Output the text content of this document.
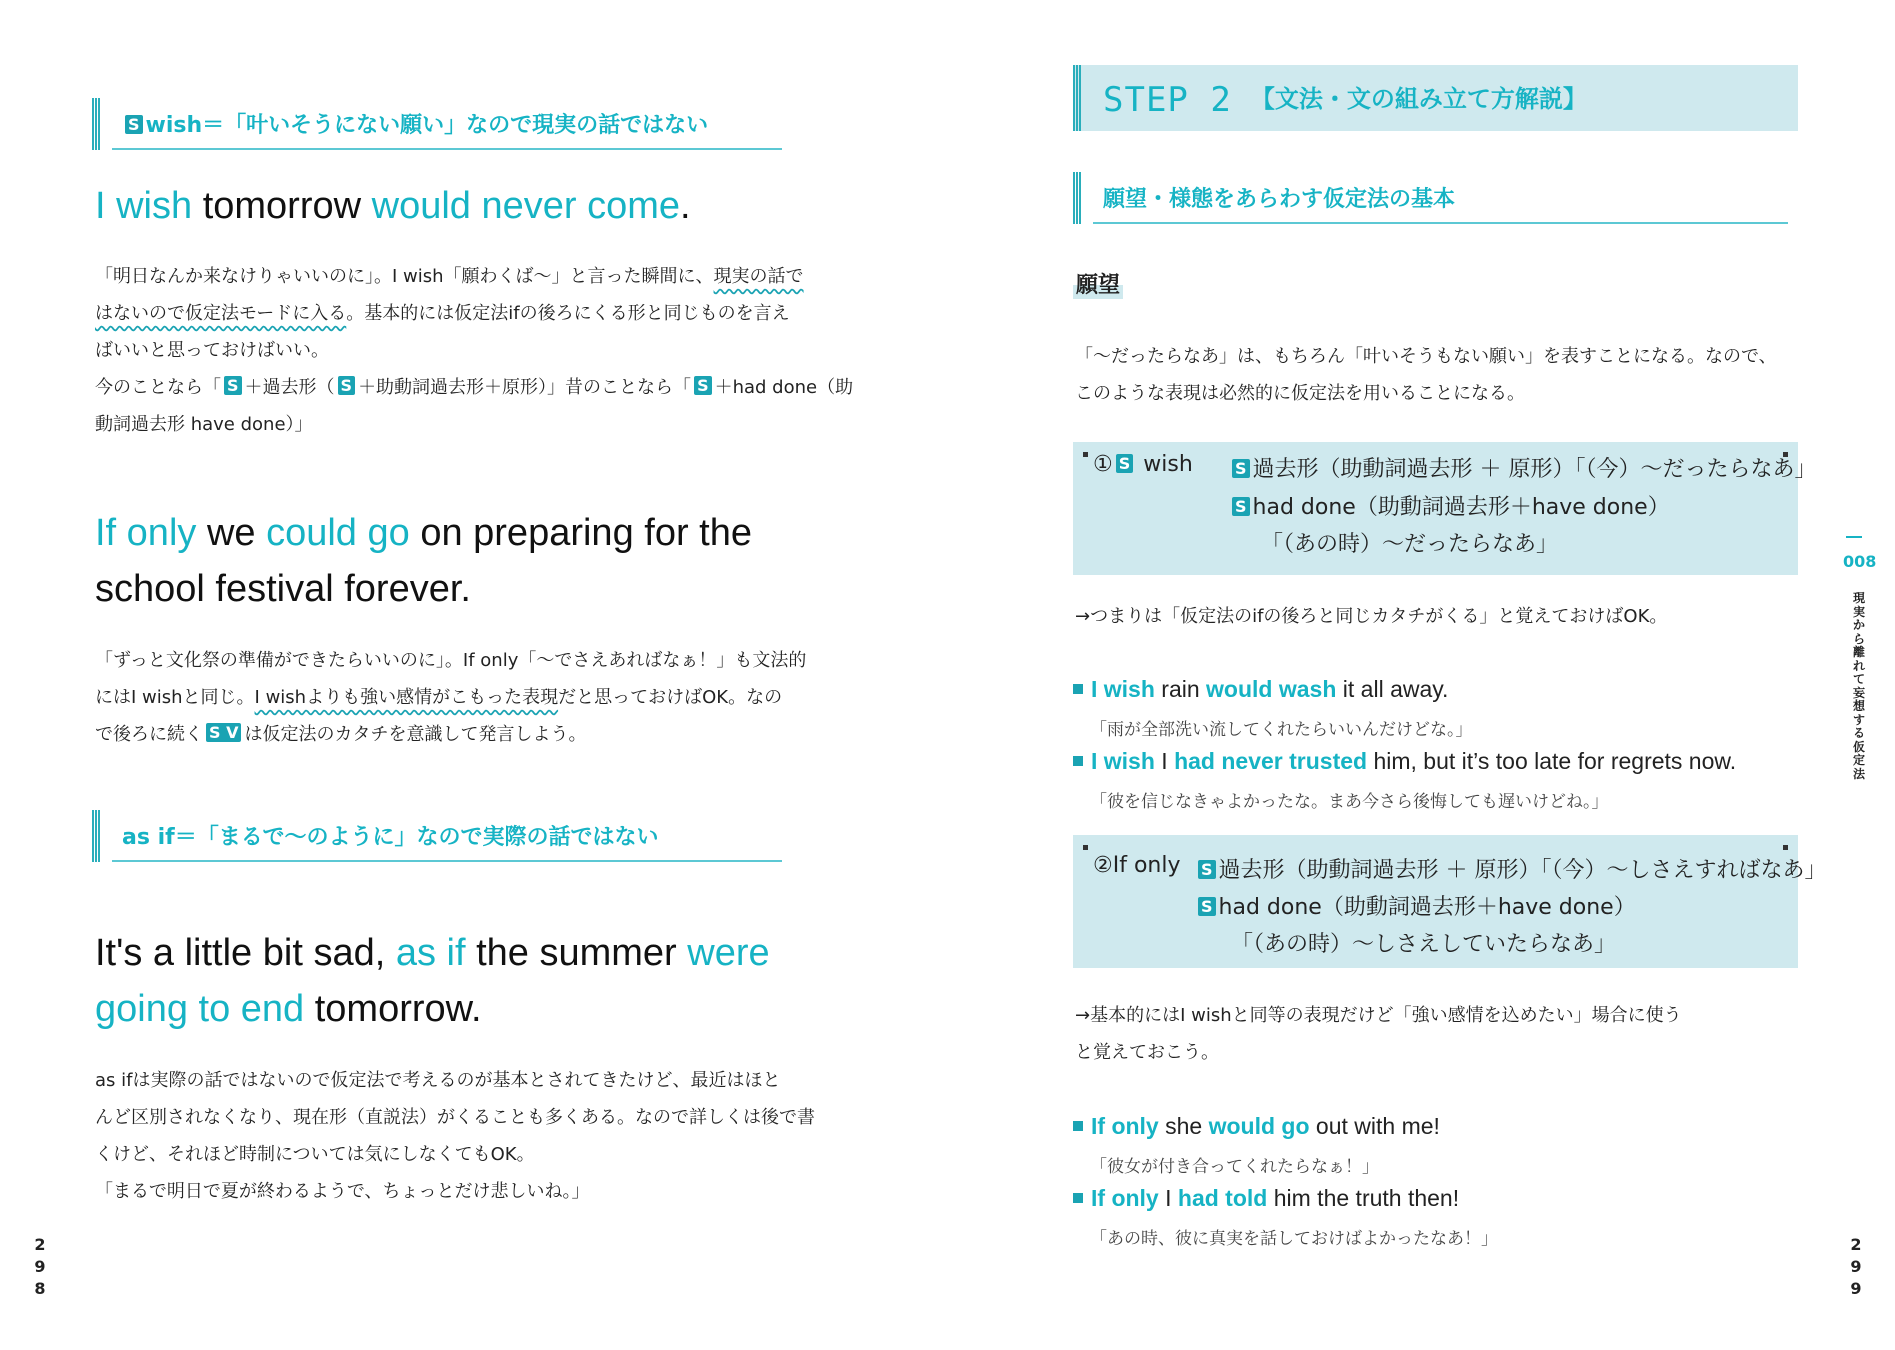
S wish＝「叶いそうにない願い」なので現実の話ではない
I wish tomorrow would never come.
「明日なんか来なけりゃいいのに」。I wish「願わくば〜」と言った瞬間に、現実の話で
はないので仮定法モードに入る。基本的には仮定法ifの後ろにくる形と同じものを言え
ばいいと思っておけばいい。
今のことなら「 S ＋過去形（ S ＋助動詞過去形＋原形）」昔のことなら「 S ＋had done（助
動詞過去形 have done）」
If only we could go on preparing for the
school festival forever.
「ずっと文化祭の準備ができたらいいのに」。If only「〜でさえあればなぁ！」も文法的
にはI wishと同じ。I wishよりも強い感情がこもった表現だと思っておけばOK。なの
で後ろに続く S V は仮定法のカタチを意識して発言しよう。
as if＝「まるで〜のように」なので実際の話ではない
It's a little bit sad, as if the summer were
going to end tomorrow.
as ifは実際の話ではないので仮定法で考えるのが基本とされてきたけど、最近はほと
んど区別されなくなり、現在形（直説法）がくることも多くある。なので詳しくは後で書
くけど、それほど時制については気にしなくてもOK。
「まるで明日で夏が終わるようで、ちょっとだけ悲しいね。」
2
9
8
STEP 2 【文法・文の組み立て方解説】
願望・様態をあらわす仮定法の基本
願望
「〜だったらなあ」は、もちろん「叶いそうもない願い」を表すことになる。なので、
このような表現は必然的に仮定法を用いることになる。
① S wish	S 過去形（助動詞過去形 ＋ 原形）「（今）〜だったらなあ」
S had done（助動詞過去形＋have done）
「（あの時）〜だったらなあ」
→つまりは「仮定法のifの後ろと同じカタチがくる」と覚えておけばOK。
I wish rain would wash it all away.
「雨が全部洗い流してくれたらいいんだけどな。」
I wish I had never trusted him, but it’s too late for regrets now.
「彼を信じなきゃよかったな。まあ今さら後悔しても遅いけどね。」
②If only	S 過去形（助動詞過去形 ＋ 原形）「（今）〜しさえすればなあ」
S had done（助動詞過去形＋have done）
「（あの時）〜しさえしていたらなあ」
→基本的にはI wishと同等の表現だけど「強い感情を込めたい」場合に使う
と覚えておこう。
If only she would go out with me!
「彼女が付き合ってくれたらなぁ！」
If only I had told him the truth then!
「あの時、彼に真実を話しておけばよかったなあ！」
008
現
実
か
ら
離
れ
て
妄
想
す
る
仮
定
法
2
9
9
